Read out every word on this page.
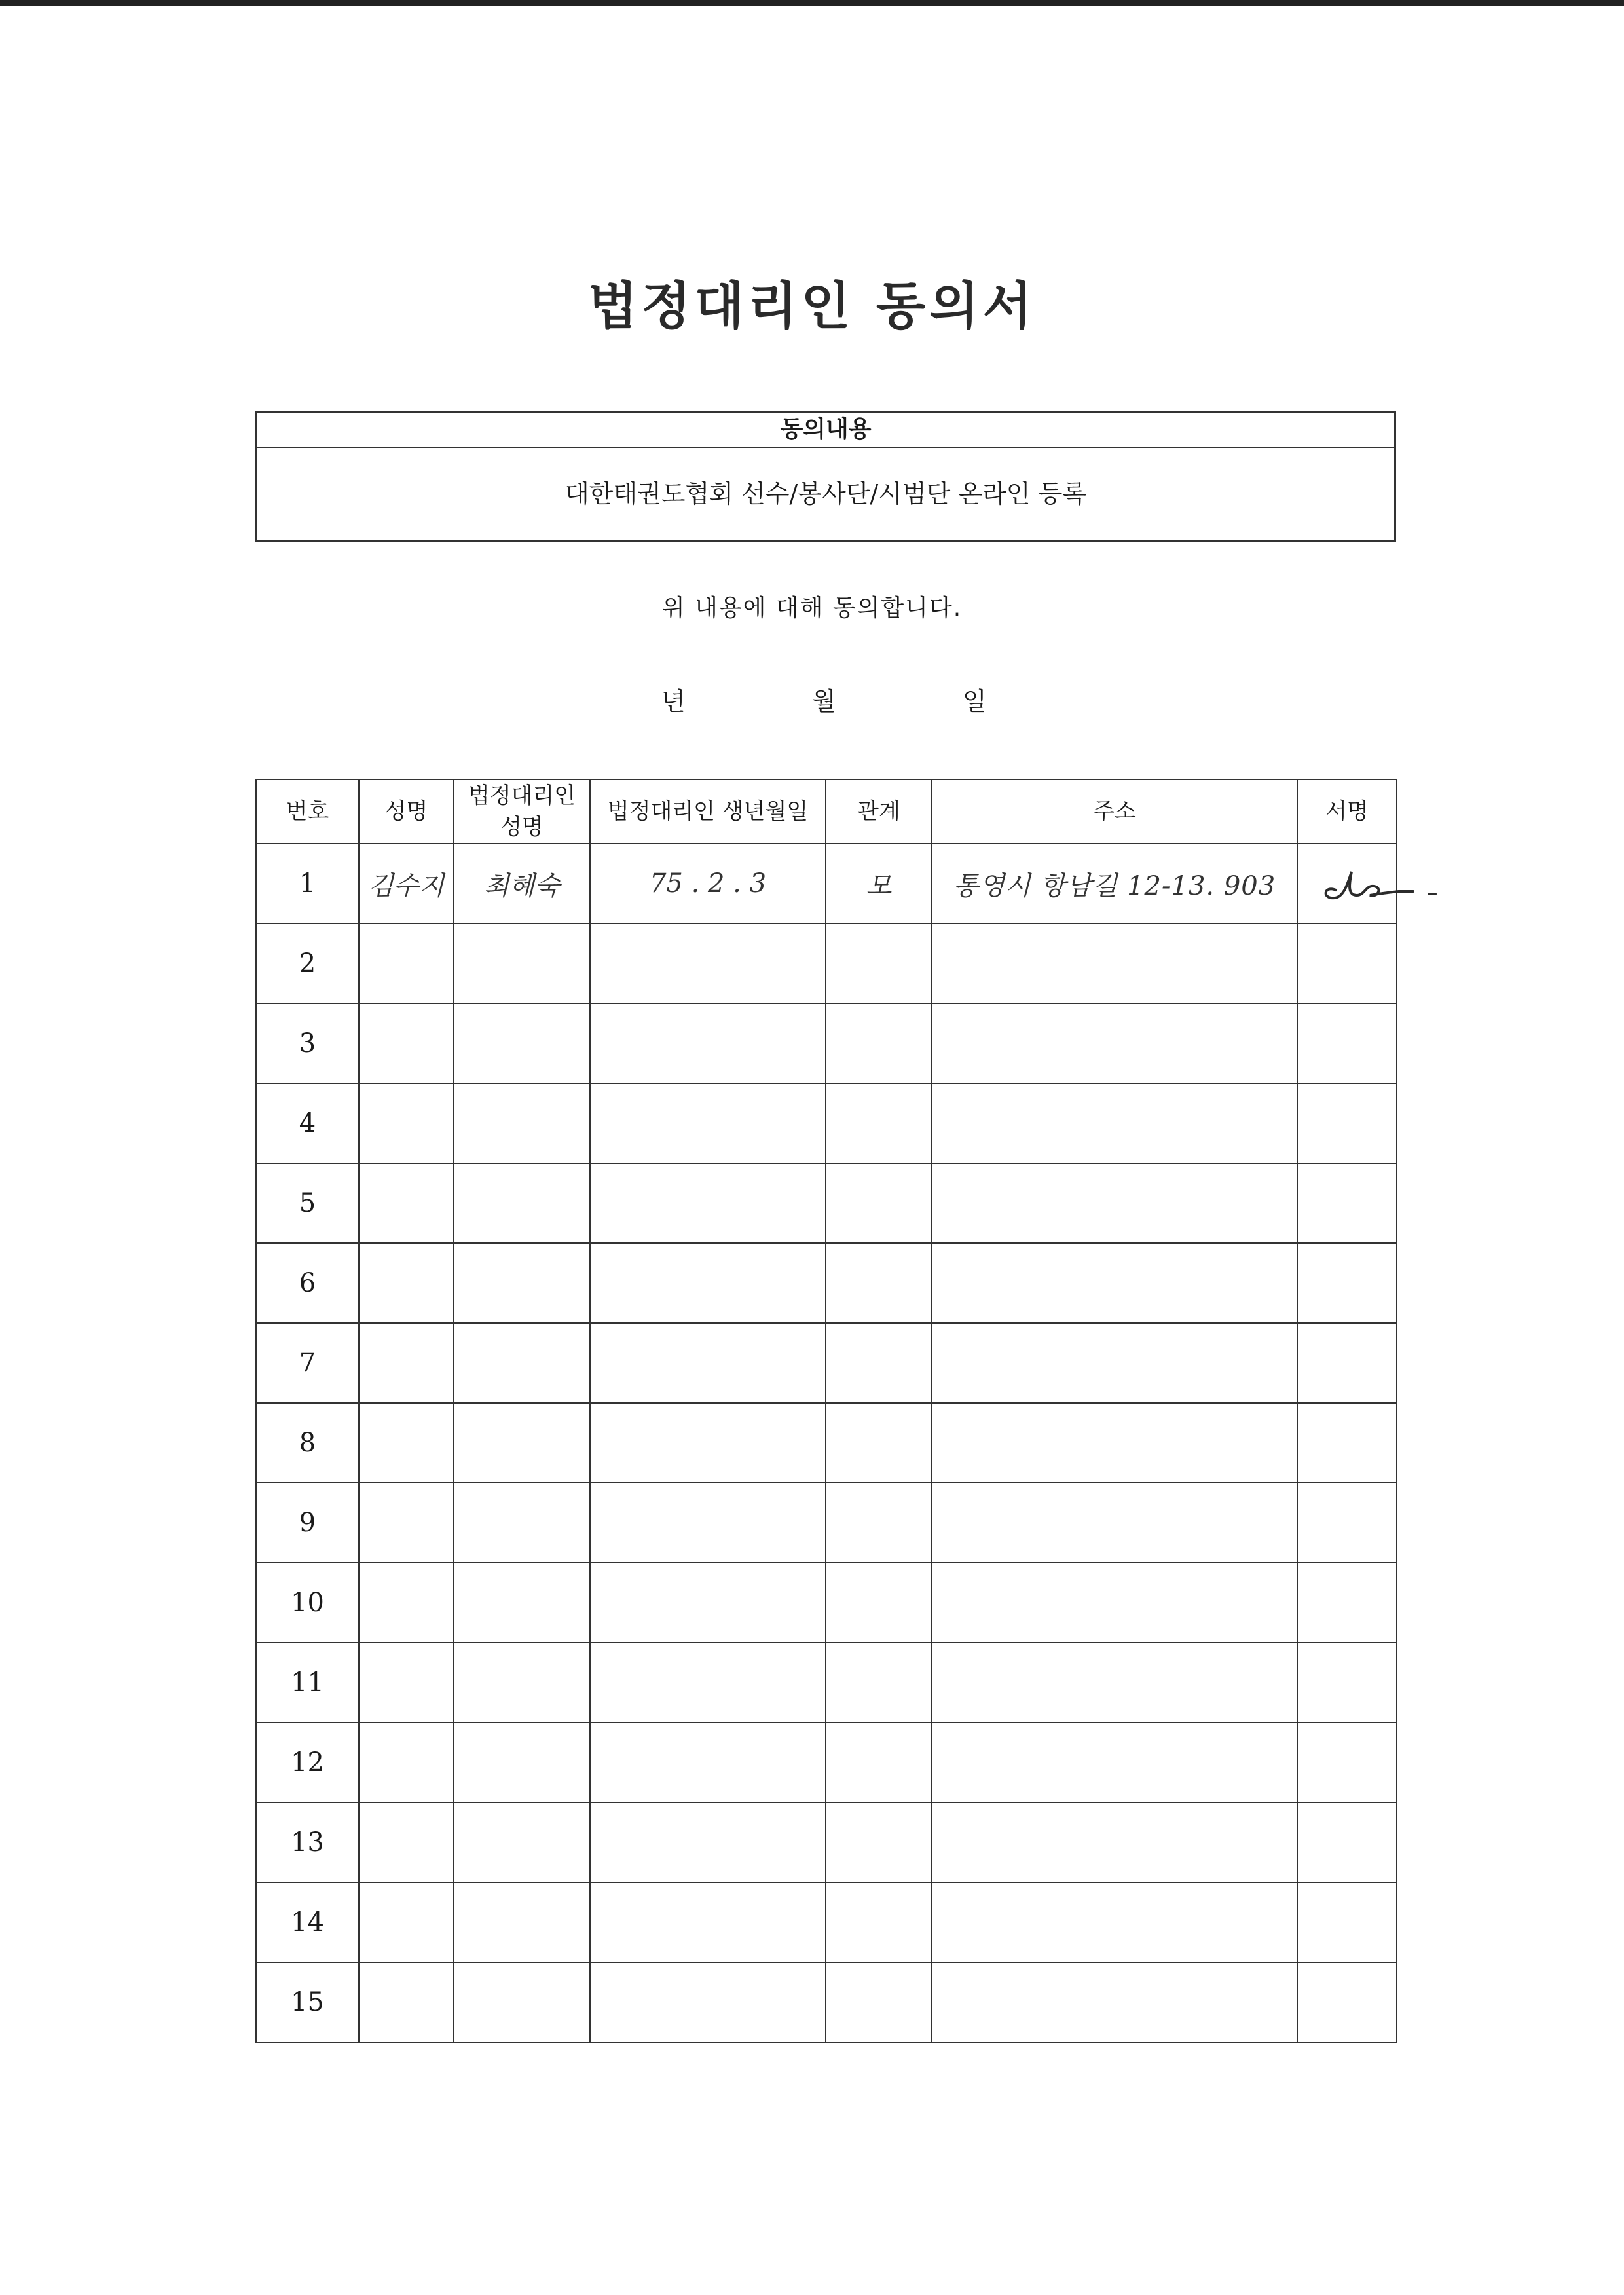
법정대리인 동의서
동의내용
대한태권도협회 선수/봉사단/시범단 온라인 등록
위 내용에 대해 동의합니다.
년	월	일
번호	성명	법정대리인 성명	법정대리인 생년월일	관계	주소	서명
1	김수지	최혜숙	75 . 2 . 3	모	통영시 항남길 12-13. 903	

2						
3						
4						
5						
6						
7						
8						
9						
10						
11						
12						
13						
14						
15						
